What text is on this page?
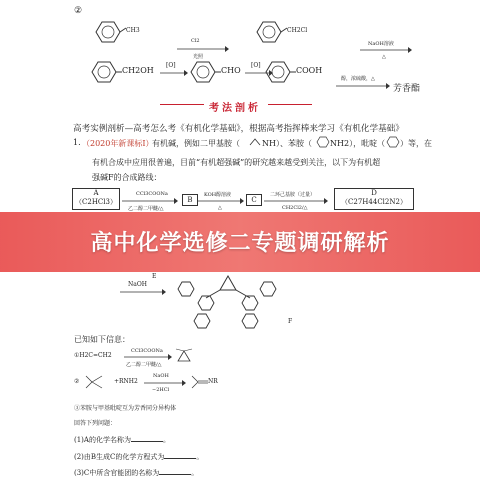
②
CH3
Cl2
光照
CH2Cl
NaOH溶液
△
CH2OH
[O]
CHO
[O]
COOH
醇，浓硫酸，△
芳香酯
考法剖析
高考实例剖析—高考怎么考《有机化学基础》，根据高考指挥棒来学习《有机化学基础》
1. （2020年新课标Ⅰ）
有机碱，例如二甲基胺（	NH）、苯胺（ NH2），吡啶（ ）等，在
有机合成中应用很普遍，目前“有机超强碱”的研究越来越受到关注，以下为有机超
强碱F的合成路线：
A
（C2HCl3）
CCl3COONa
乙二醇二甲醚/△
B
KOH醇溶液
△
C
二环己基胺（过量）
CH2Cl2/△
D
（C27H44Cl2N2）
高中化学选修二专题调研解析
E
NaOH
F
已知如下信息：
①H2C=CH2
CCl3COONa
乙二醇二甲醚/△
②	+RNH2
NaOH
−2HCl
NR
③苯胺与甲基吡啶互为芳香同分异构体
回答下列问题：
(1)A的化学名称为	。
(2)由B生成C的化学方程式为	。
(3)C中所含官能团的名称为	。
